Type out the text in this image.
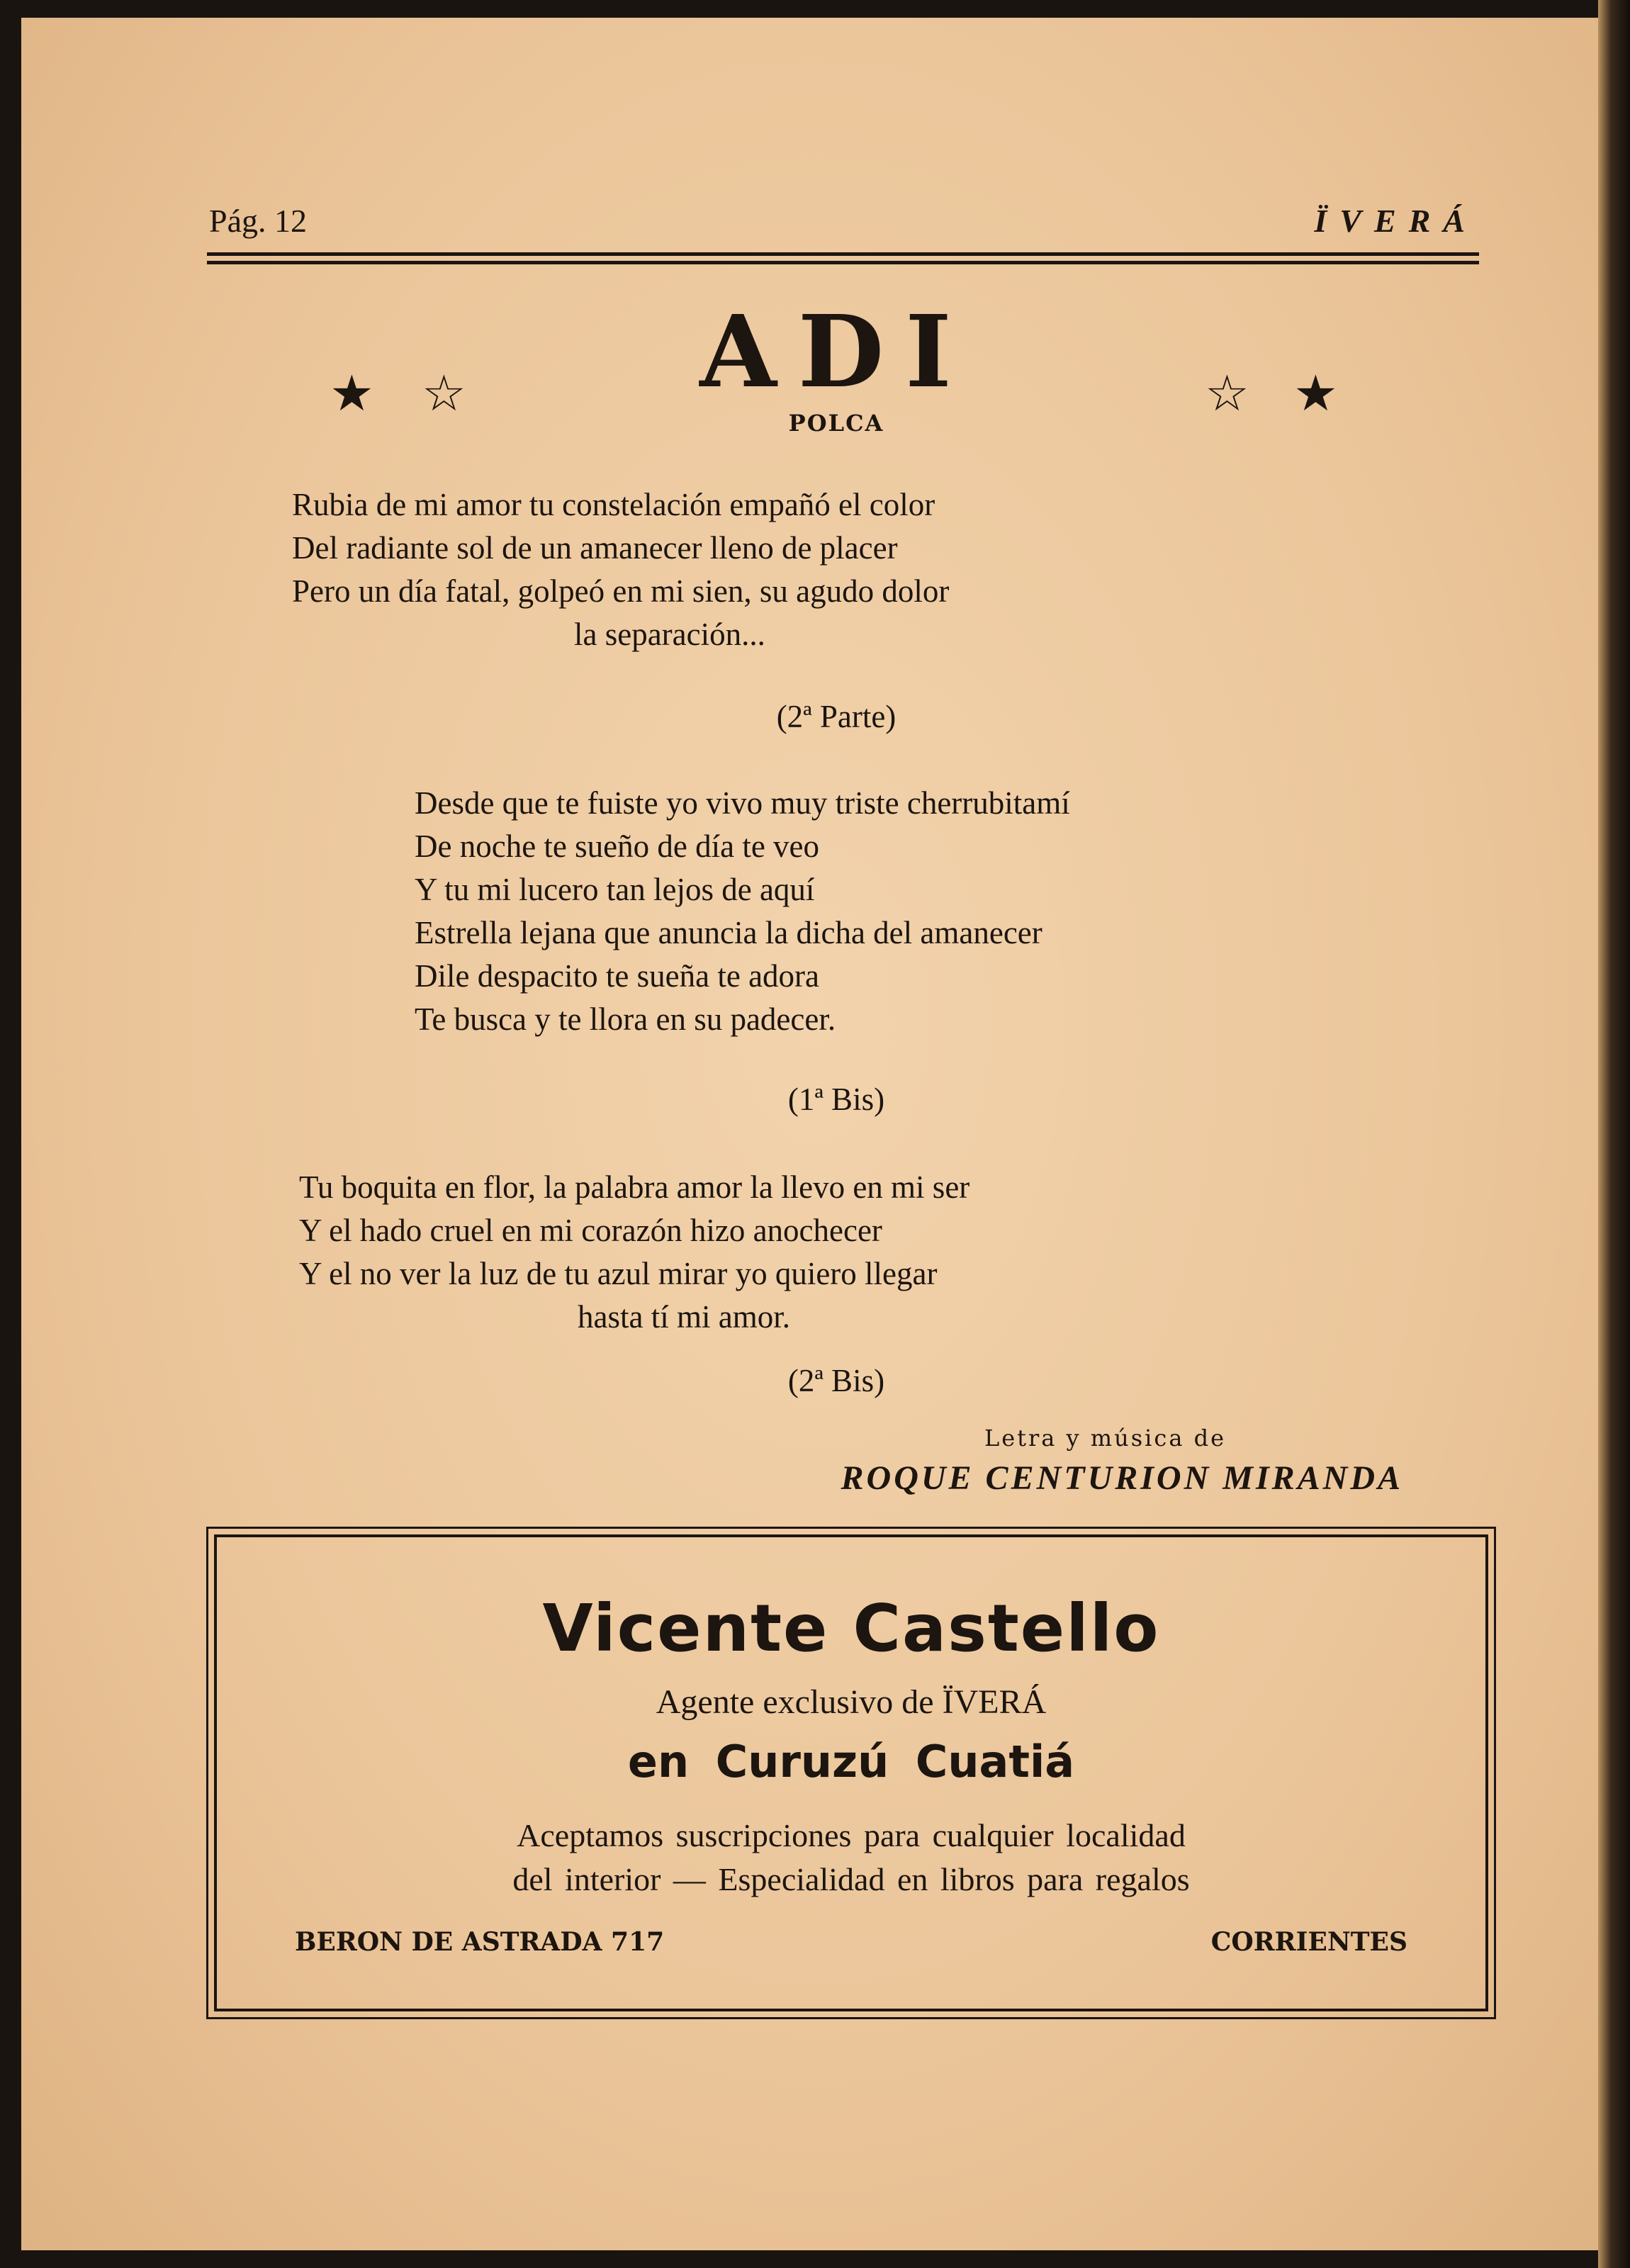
Pág. 12	ÏVERÁ
ADI
POLCA
★ ☆	☆ ★
Rubia de mi amor tu constelación empañó el color
Del radiante sol de un amanecer lleno de placer
Pero un día fatal, golpeó en mi sien, su agudo dolor
la separación...
(2ª Parte)
Desde que te fuiste yo vivo muy triste cherrubitamí
De noche te sueño de día te veo
Y tu mi lucero tan lejos de aquí
Estrella lejana que anuncia la dicha del amanecer
Dile despacito te sueña te adora
Te busca y te llora en su padecer.
(1ª Bis)
Tu boquita en flor, la palabra amor la llevo en mi ser
Y el hado cruel en mi corazón hizo anochecer
Y el no ver la luz de tu azul mirar yo quiero llegar
hasta tí mi amor.
(2ª Bis)
Letra y música de
ROQUE CENTURION MIRANDA
Vicente Castello
Agente exclusivo de ÏVERÁ
en Curuzú Cuatiá
Aceptamos suscripciones para cualquier localidad
del interior — Especialidad en libros para regalos
BERON DE ASTRADA 717	CORRIENTES
